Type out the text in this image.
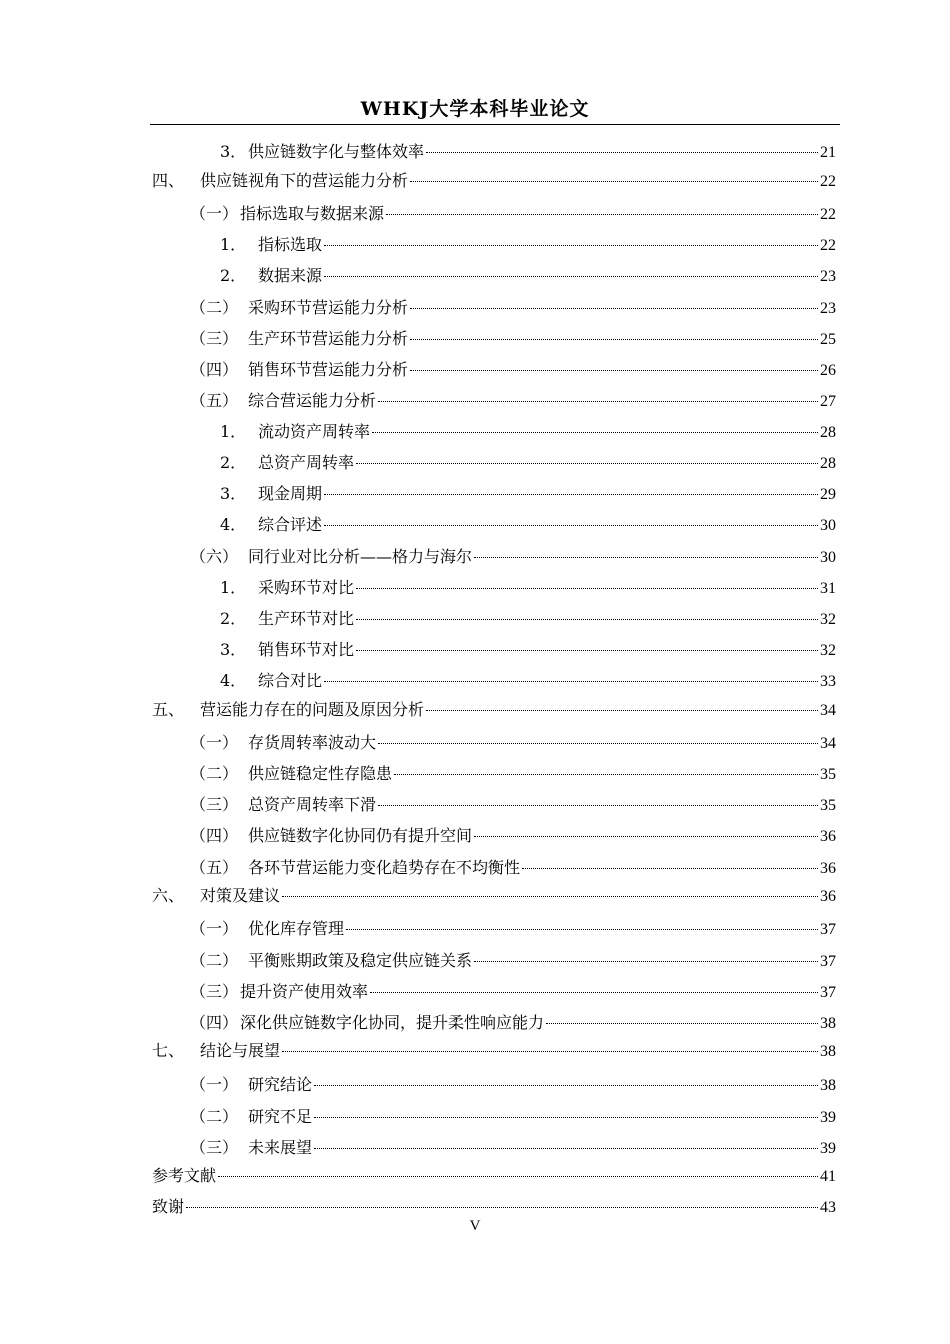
WHKJ大学本科毕业论文
3． 供应链数字化与整体效率	21
四、 供应链视角下的营运能力分析	22
（一） 指标选取与数据来源	22
1． 指标选取	22
2． 数据来源	23
（二） 采购环节营运能力分析	23
（三） 生产环节营运能力分析	25
（四） 销售环节营运能力分析	26
（五） 综合营运能力分析	27
1． 流动资产周转率	28
2． 总资产周转率	28
3． 现金周期	29
4． 综合评述	30
（六） 同行业对比分析——格力与海尔	30
1． 采购环节对比	31
2． 生产环节对比	32
3． 销售环节对比	32
4． 综合对比	33
五、 营运能力存在的问题及原因分析	34
（一） 存货周转率波动大	34
（二） 供应链稳定性存隐患	35
（三） 总资产周转率下滑	35
（四） 供应链数字化协同仍有提升空间	36
（五） 各环节营运能力变化趋势存在不均衡性	36
六、 对策及建议	36
（一） 优化库存管理	37
（二） 平衡账期政策及稳定供应链关系	37
（三） 提升资产使用效率	37
（四） 深化供应链数字化协同，提升柔性响应能力	38
七、 结论与展望	38
（一） 研究结论	38
（二） 研究不足	39
（三） 未来展望	39
参考文献	41
致谢	43
V
